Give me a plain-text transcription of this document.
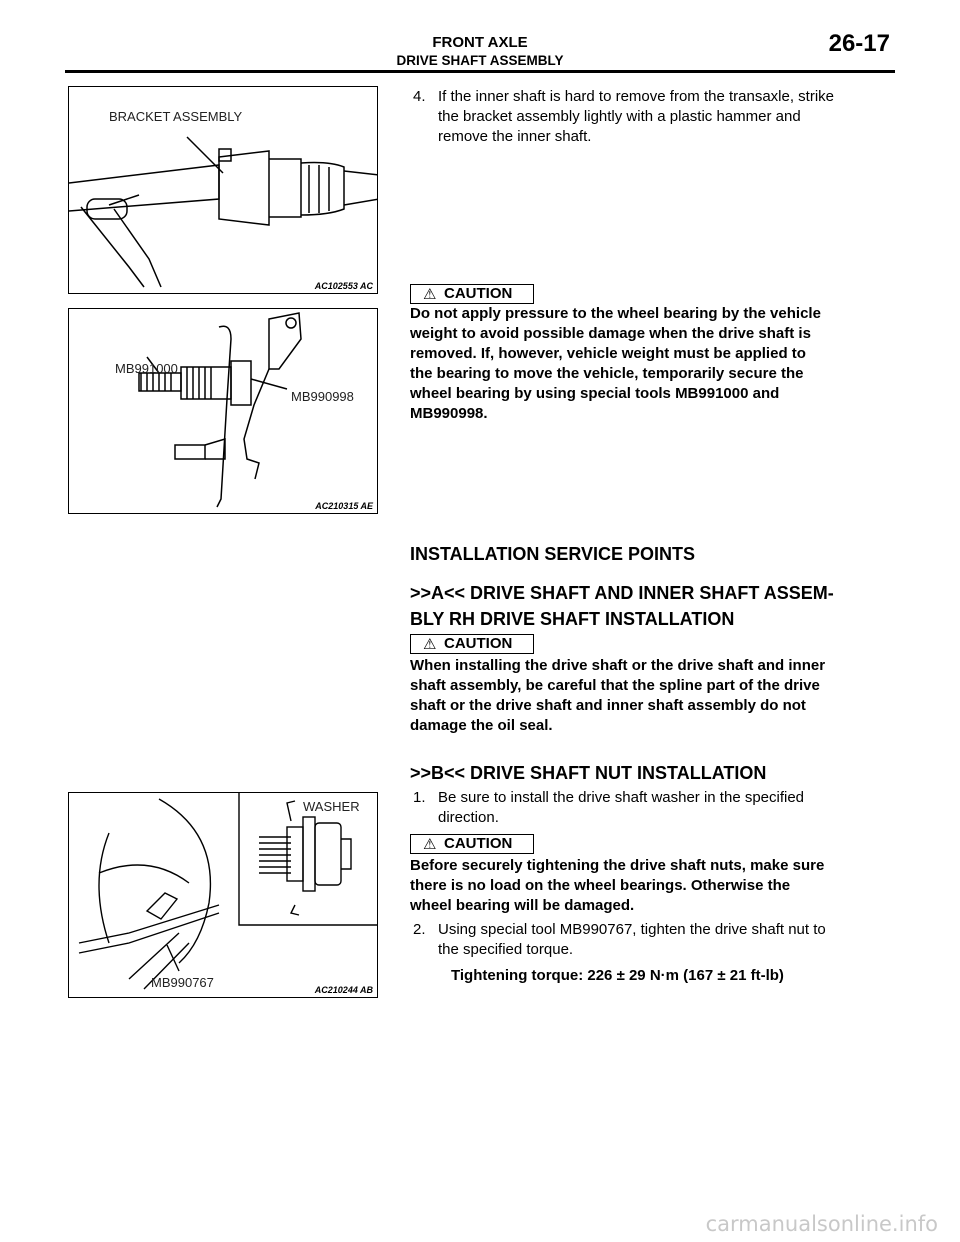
FRONT AXLE
DRIVE SHAFT ASSEMBLY
26-17
BRACKET ASSEMBLY
AC102553 AC
MB991000
MB990998
AC210315 AE
WASHER
MB990767	AC210244 AB
4. If the inner shaft is hard to remove from the transaxle, strike
the bracket assembly lightly with a plastic hammer and
remove the inner shaft.
⚠ CAUTION
Do not apply pressure to the wheel bearing by the vehicle
weight to avoid possible damage when the drive shaft is
removed. If, however, vehicle weight must be applied to
the bearing to move the vehicle, temporarily secure the
wheel bearing by using special tools MB991000 and
MB990998.
INSTALLATION SERVICE POINTS
>>A<< DRIVE SHAFT AND INNER SHAFT ASSEM-
BLY RH DRIVE SHAFT INSTALLATION
⚠ CAUTION
When installing the drive shaft or the drive shaft and inner
shaft assembly, be careful that the spline part of the drive
shaft or the drive shaft and inner shaft assembly do not
damage the oil seal.
>>B<< DRIVE SHAFT NUT INSTALLATION
1. Be sure to install the drive shaft washer in the specified
direction.
⚠ CAUTION
Before securely tightening the drive shaft nuts, make sure
there is no load on the wheel bearings. Otherwise the
wheel bearing will be damaged.
2. Using special tool MB990767, tighten the drive shaft nut to
the specified torque.
Tightening torque: 226 ± 29 N·m (167 ± 21 ft-lb)
carmanualsonline.info
